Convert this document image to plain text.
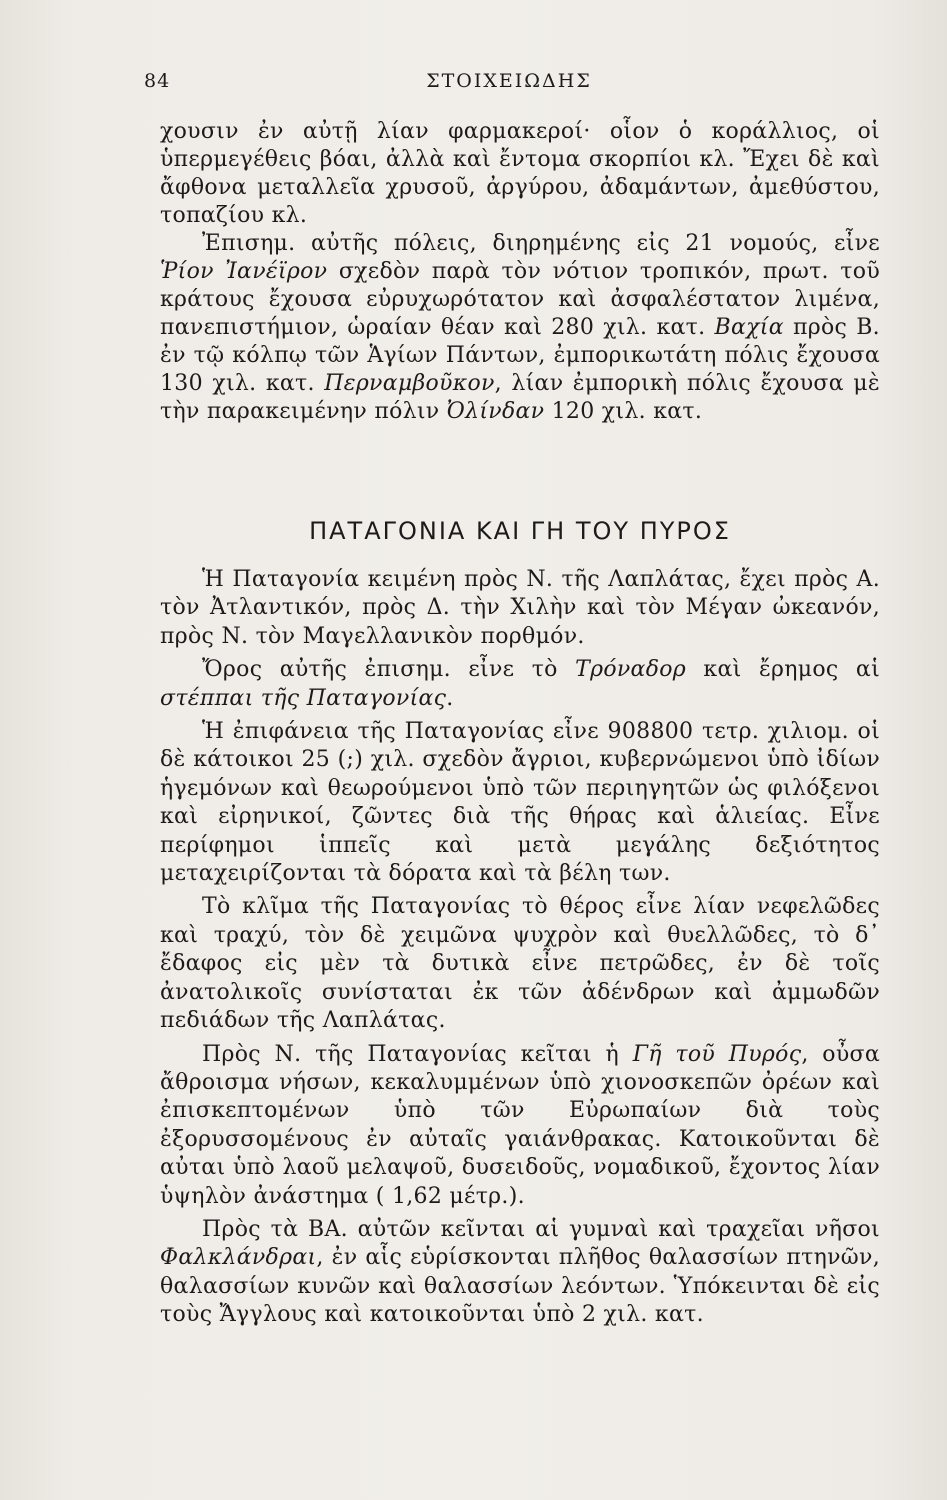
84	ΣΤΟΙΧΕΙΩΔΗΣ

χουσιν ἐν αὐτῇ λίαν φαρμακεροί· οἷον ὁ κοράλλιος, οἱ ὑπερμεγέθεις βόαι, ἀλλὰ καὶ ἔντομα σκορπίοι κλ. Ἔχει δὲ καὶ ἄφθονα μεταλλεῖα χρυσοῦ, ἀργύρου, ἀδαμάντων, ἀμεθύστου, τοπαζίου κλ.

Ἐπισημ. αὐτῆς πόλεις, διηρημένης εἰς 21 νομούς, εἶνε Ῥίον Ἰανέϊρον σχεδὸν παρὰ τὸν νότιον τροπικόν, πρωτ. τοῦ κράτους ἔχουσα εὐρυχωρότατον καὶ ἀσφαλέστατον λιμένα, πανεπιστήμιον, ὡραίαν θέαν καὶ 280 χιλ. κατ. Βαχία πρὸς Β. ἐν τῷ κόλπῳ τῶν Ἁγίων Πάντων, ἐμπορικωτάτη πόλις ἔχουσα 130 χιλ. κατ. Περναμβοῦκον, λίαν ἐμπορικὴ πόλις ἔχουσα μὲ τὴν παρακειμένην πόλιν Ὀλίνδαν 120 χιλ. κατ.

ΠΑΤΑΓΟΝΙΑ ΚΑΙ ΓΗ ΤΟΥ ΠΥΡΟΣ

Ἡ Παταγονία κειμένη πρὸς Ν. τῆς Λαπλάτας, ἔχει πρὸς Α. τὸν Ἀτλαντικόν, πρὸς Δ. τὴν Χιλὴν καὶ τὸν Μέγαν ὠκεανόν, πρὸς Ν. τὸν Μαγελλανικὸν πορθμόν.

Ὄρος αὐτῆς ἐπισημ. εἶνε τὸ Τρόναδορ καὶ ἔρημος αἱ στέππαι τῆς Παταγονίας.

Ἡ ἐπιφάνεια τῆς Παταγονίας εἶνε 908800 τετρ. χιλιομ. οἱ δὲ κάτοικοι 25 (;) χιλ. σχεδὸν ἄγριοι, κυβερνώμενοι ὑπὸ ἰδίων ἡγεμόνων καὶ θεωρούμενοι ὑπὸ τῶν περιηγητῶν ὡς φιλόξενοι καὶ εἰρηνικοί, ζῶντες διὰ τῆς θήρας καὶ ἁλιείας. Εἶνε περίφημοι ἱππεῖς καὶ μετὰ μεγάλης δεξιότητος μεταχειρίζονται τὰ δόρατα καὶ τὰ βέλη των.

Τὸ κλῖμα τῆς Παταγονίας τὸ θέρος εἶνε λίαν νεφελῶδες καὶ τραχύ, τὸν δὲ χειμῶνα ψυχρὸν καὶ θυελλῶδες, τὸ δ᾽ ἔδαφος εἰς μὲν τὰ δυτικὰ εἶνε πετρῶδες, ἐν δὲ τοῖς ἀνατολικοῖς συνίσταται ἐκ τῶν ἀδένδρων καὶ ἀμμωδῶν πεδιάδων τῆς Λαπλάτας.

Πρὸς Ν. τῆς Παταγονίας κεῖται ἡ Γῆ τοῦ Πυρός, οὖσα ἄθροισμα νήσων, κεκαλυμμένων ὑπὸ χιονοσκεπῶν ὀρέων καὶ ἐπισκεπτομένων ὑπὸ τῶν Εὐρωπαίων διὰ τοὺς ἐξορυσσομένους ἐν αὐταῖς γαιάνθρακας. Κατοικοῦνται δὲ αὐται ὑπὸ λαοῦ μελαψοῦ, δυσειδοῦς, νομαδικοῦ, ἔχοντος λίαν ὑψηλὸν ἀνάστημα ( 1,62 μέτρ.).

Πρὸς τὰ ΒΑ. αὐτῶν κεῖνται αἱ γυμναὶ καὶ τραχεῖαι νῆσοι Φαλκλάνδραι, ἐν αἷς εὑρίσκονται πλῆθος θαλασσίων πτηνῶν, θαλασσίων κυνῶν καὶ θαλασσίων λεόντων. Ὑπόκεινται δὲ εἰς τοὺς Ἄγγλους καὶ κατοικοῦνται ὑπὸ 2 χιλ. κατ.
